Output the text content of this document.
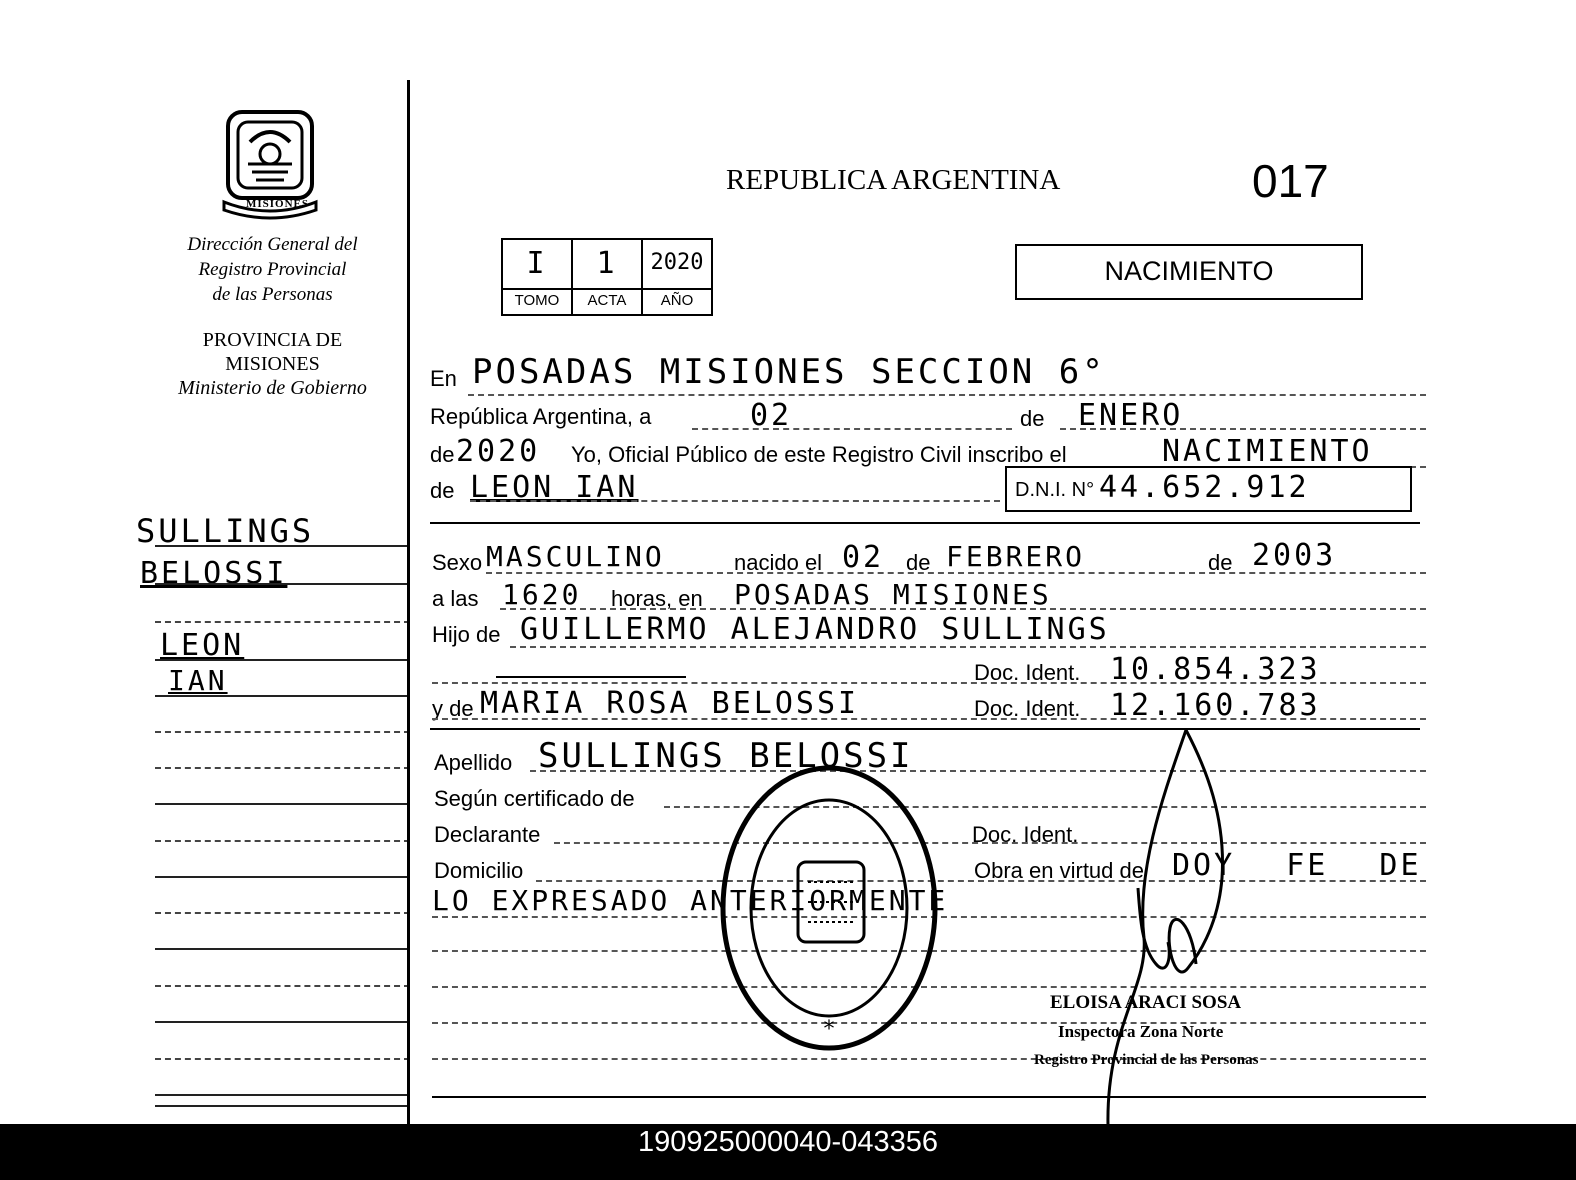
MISIONES
Dirección General del
Registro Provincial
de las Personas
PROVINCIA DE
MISIONES
Ministerio de Gobierno
SULLINGS
BELOSSI
LEON
IAN
REPUBLICA ARGENTINA	017
I	1	2020
TOMO	ACTA	AÑO
NACIMIENTO
En POSADAS MISIONES SECCION 6°
República Argentina, a	02	de ENERO
de 2020 Yo, Oficial Público de este Registro Civil inscribo el	NACIMIENTO
de LEON IAN	D.N.I. N° 44.652.912
Sexo MASCULINO	nacido el 02 de FEBRERO	de 2003
a las 1620 horas, en POSADAS MISIONES
Hijo de GUILLERMO ALEJANDRO SULLINGS
Doc. Ident. 10.854.323
y de MARIA ROSA BELOSSI	Doc. Ident. 12.160.783
Apellido SULLINGS BELOSSI
Según certificado de
Declarante	Doc. Ident.
Domicilio	Obra en virtud de DOY FE DE
LO EXPRESADO ANTERIORMENTE
*
ELOISA ARACI SOSA
Inspectora Zona Norte
Registro Provincial de las Personas
190925000040-043356
